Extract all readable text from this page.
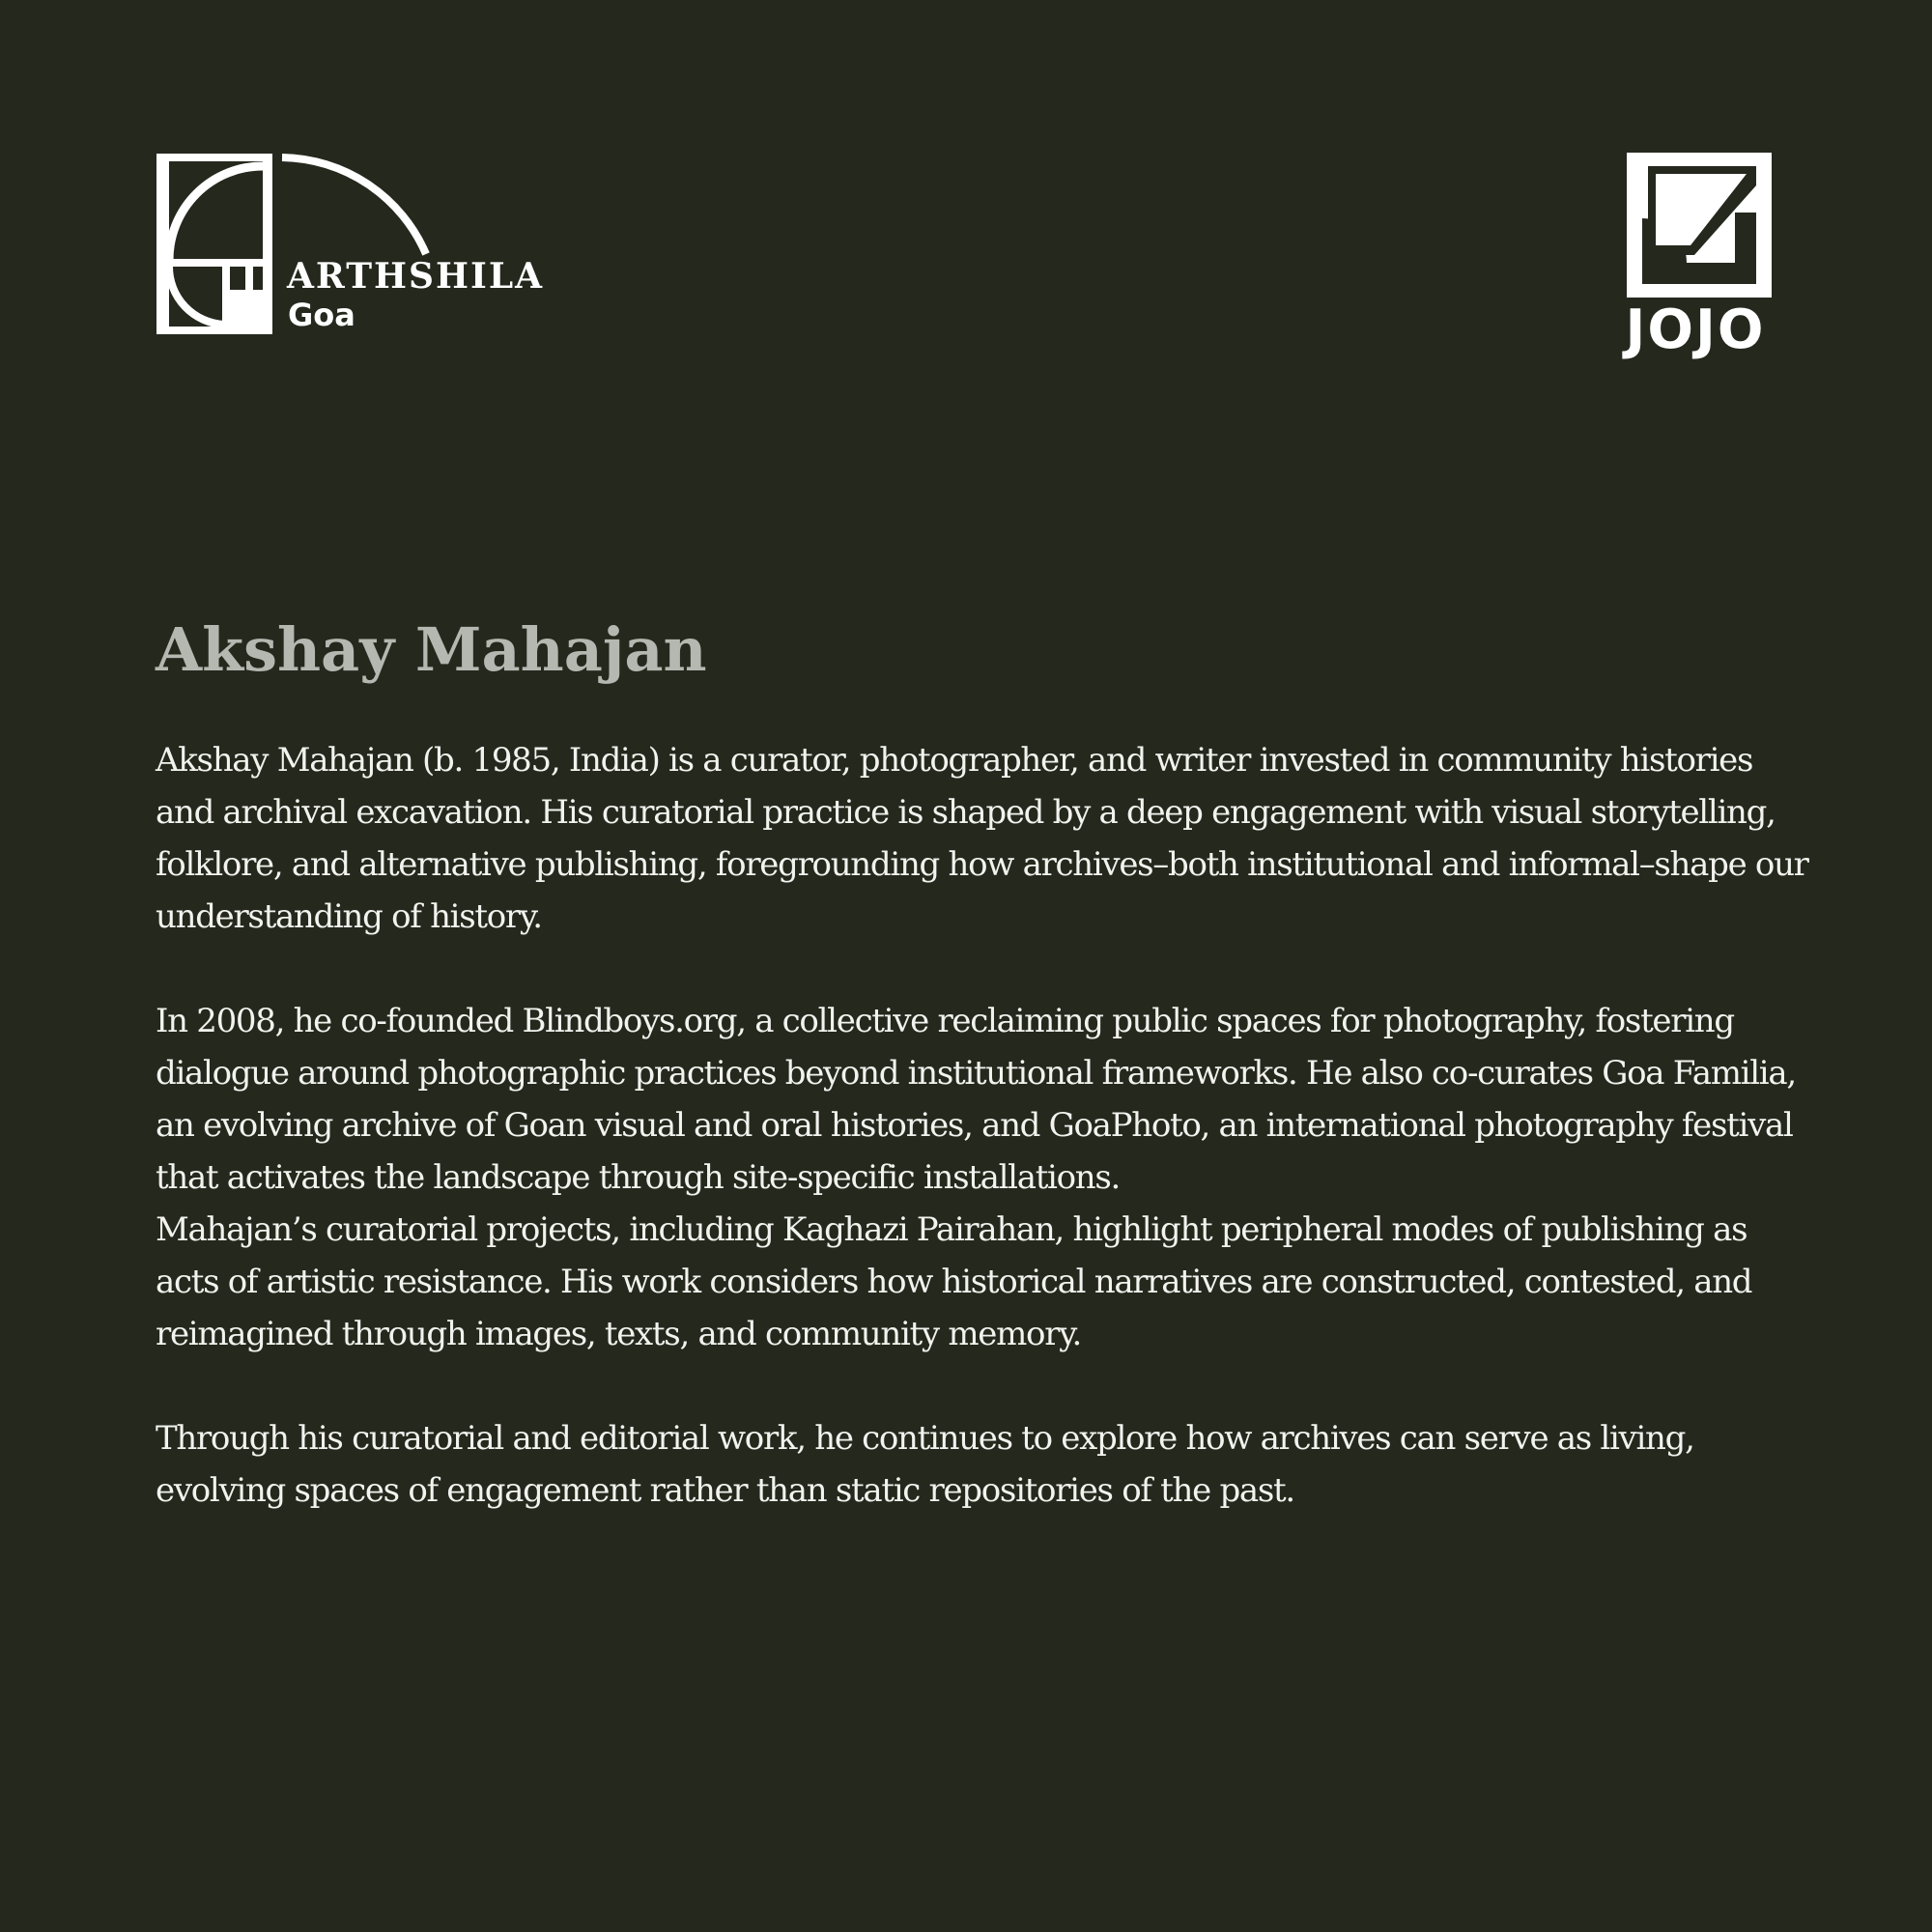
ARTHSHILA
Goa	JOJO
Akshay Mahajan

Akshay Mahajan (b. 1985, India) is a curator, photographer, and writer invested in community histories and archival excavation. His curatorial practice is shaped by a deep engagement with visual storytelling, folklore, and alternative publishing, foregrounding how archives–both institutional and informal–shape our understanding of history.

In 2008, he co-founded Blindboys.org, a collective reclaiming public spaces for photography, fostering dialogue around photographic practices beyond institutional frameworks. He also co-curates Goa Familia, an evolving archive of Goan visual and oral histories, and GoaPhoto, an international photography festival that activates the landscape through site-specific installations.

Mahajan’s curatorial projects, including Kaghazi Pairahan, highlight peripheral modes of publishing as acts of artistic resistance. His work considers how historical narratives are constructed, contested, and reimagined through images, texts, and community memory.

Through his curatorial and editorial work, he continues to explore how archives can serve as living, evolving spaces of engagement rather than static repositories of the past.
